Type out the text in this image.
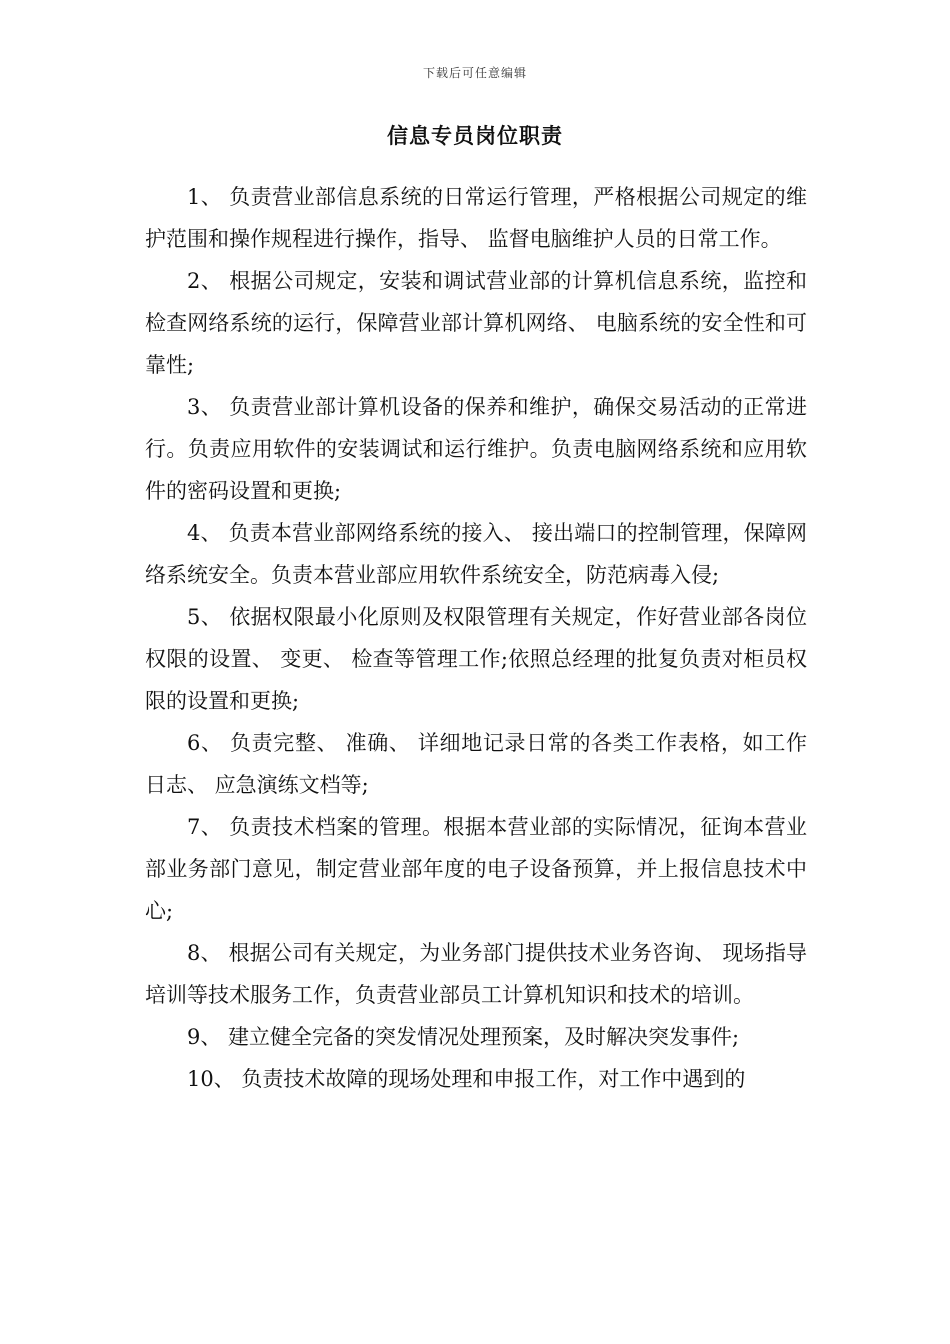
下载后可任意编辑
信息专员岗位职责

1、 负责营业部信息系统的日常运行管理，严格根据公司规定的维护范围和操作规程进行操作，指导、 监督电脑维护人员的日常工作。

2、 根据公司规定，安装和调试营业部的计算机信息系统，监控和检查网络系统的运行，保障营业部计算机网络、 电脑系统的安全性和可靠性;

3、 负责营业部计算机设备的保养和维护，确保交易活动的正常进行。负责应用软件的安装调试和运行维护。负责电脑网络系统和应用软件的密码设置和更换;

4、 负责本营业部网络系统的接入、 接出端口的控制管理，保障网络系统安全。负责本营业部应用软件系统安全，防范病毒入侵;

5、 依据权限最小化原则及权限管理有关规定，作好营业部各岗位权限的设置、 变更、 检查等管理工作;依照总经理的批复负责对柜员权限的设置和更换;

6、 负责完整、 准确、 详细地记录日常的各类工作表格，如工作日志、 应急演练文档等;

7、 负责技术档案的管理。根据本营业部的实际情况，征询本营业部业务部门意见，制定营业部年度的电子设备预算，并上报信息技术中心;

8、 根据公司有关规定，为业务部门提供技术业务咨询、 现场指导培训等技术服务工作，负责营业部员工计算机知识和技术的培训。

9、 建立健全完备的突发情况处理预案，及时解决突发事件;

10、 负责技术故障的现场处理和申报工作，对工作中遇到的
